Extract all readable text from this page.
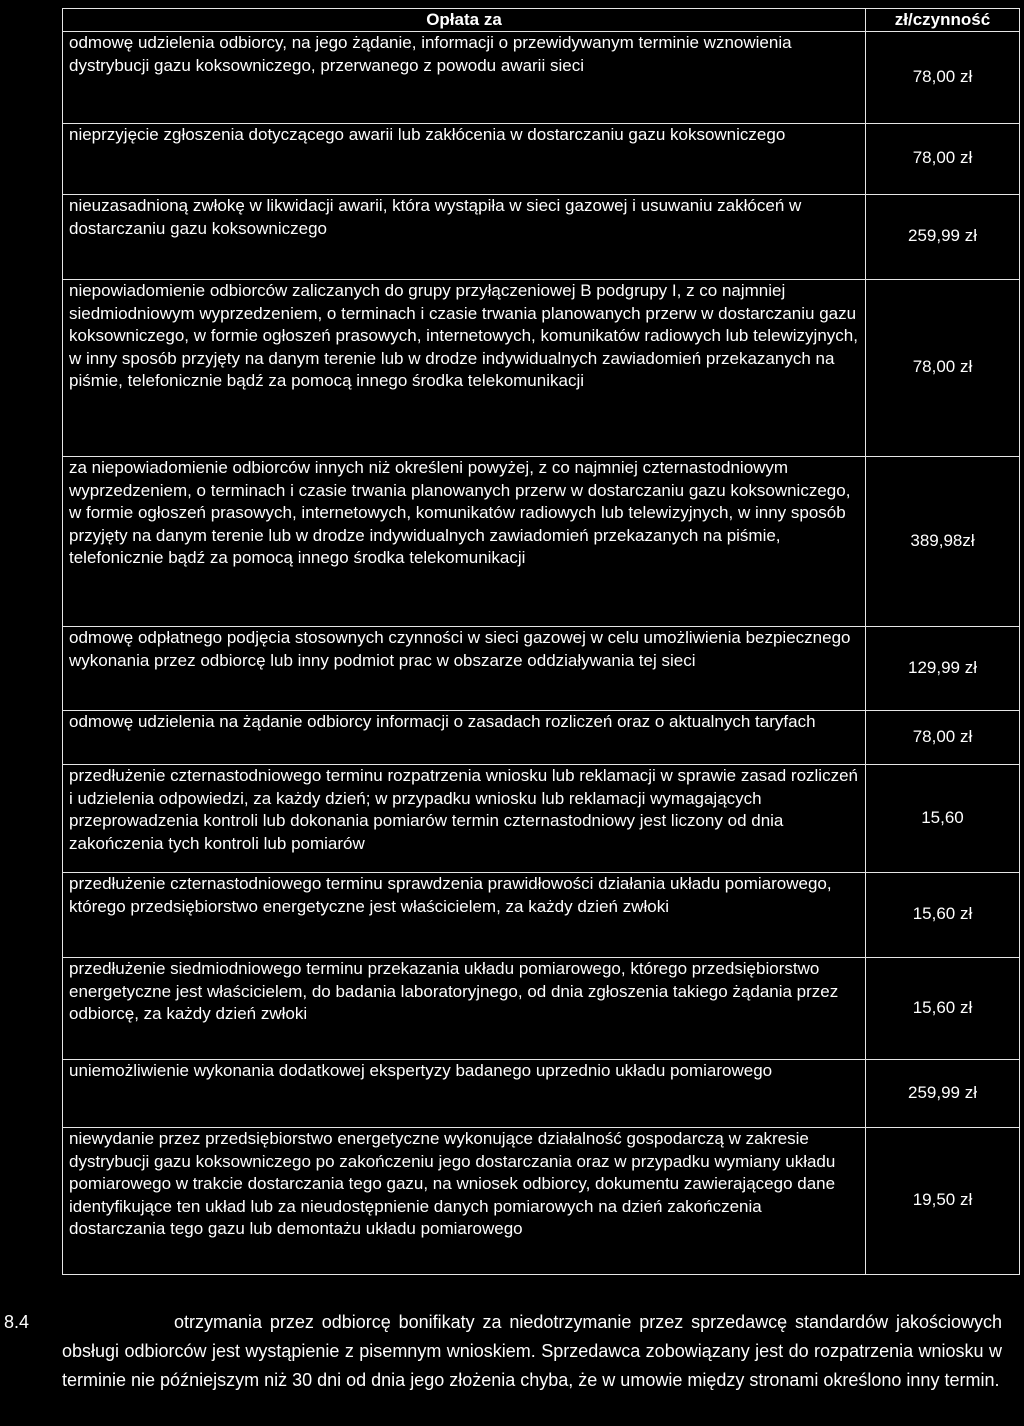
Opłata za	zł/czynność
odmowę udzielenia odbiorcy, na jego żądanie, informacji o przewidywanym terminie wznowienia dystrybucji gazu koksowniczego, przerwanego z powodu awarii sieci	78,00 zł
nieprzyjęcie zgłoszenia dotyczącego awarii lub zakłócenia w dostarczaniu gazu koksowniczego	78,00 zł
nieuzasadnioną zwłokę w likwidacji awarii, która wystąpiła w sieci gazowej i usuwaniu zakłóceń w dostarczaniu gazu koksowniczego	259,99 zł
niepowiadomienie odbiorców zaliczanych do grupy przyłączeniowej B podgrupy I, z co najmniej siedmiodniowym wyprzedzeniem, o terminach i czasie trwania planowanych przerw w dostarczaniu gazu koksowniczego, w formie ogłoszeń prasowych, internetowych, komunikatów radiowych lub telewizyjnych, w inny sposób przyjęty na danym terenie lub w drodze indywidualnych zawiadomień przekazanych na piśmie, telefonicznie bądź za pomocą innego środka telekomunikacji	78,00 zł
za niepowiadomienie odbiorców innych niż określeni powyżej, z co najmniej czternastodniowym wyprzedzeniem, o terminach i czasie trwania planowanych przerw w dostarczaniu gazu koksowniczego, w formie ogłoszeń prasowych, internetowych, komunikatów radiowych lub telewizyjnych, w inny sposób przyjęty na danym terenie lub w drodze indywidualnych zawiadomień przekazanych na piśmie, telefonicznie bądź za pomocą innego środka telekomunikacji	389,98zł
odmowę odpłatnego podjęcia stosownych czynności w sieci gazowej w celu umożliwienia bezpiecznego wykonania przez odbiorcę lub inny podmiot prac w obszarze oddziaływania tej sieci	129,99 zł
odmowę udzielenia na żądanie odbiorcy informacji o zasadach rozliczeń oraz o aktualnych taryfach	78,00 zł
przedłużenie czternastodniowego terminu rozpatrzenia wniosku lub reklamacji w sprawie zasad rozliczeń i udzielenia odpowiedzi, za każdy dzień; w przypadku wniosku lub reklamacji wymagających przeprowadzenia kontroli lub dokonania pomiarów termin czternastodniowy jest liczony od dnia zakończenia tych kontroli lub pomiarów	15,60
przedłużenie czternastodniowego terminu sprawdzenia prawidłowości działania układu pomiarowego, którego przedsiębiorstwo energetyczne jest właścicielem, za każdy dzień zwłoki	15,60 zł
przedłużenie siedmiodniowego terminu przekazania układu pomiarowego, którego przedsiębiorstwo energetyczne jest właścicielem, do badania laboratoryjnego, od dnia zgłoszenia takiego żądania przez odbiorcę, za każdy dzień zwłoki	15,60 zł
uniemożliwienie wykonania dodatkowej ekspertyzy badanego uprzednio układu pomiarowego	259,99 zł
niewydanie przez przedsiębiorstwo energetyczne wykonujące działalność gospodarczą w zakresie dystrybucji gazu koksowniczego po zakończeniu jego dostarczania oraz w przypadku wymiany układu pomiarowego w trakcie dostarczania tego gazu, na wniosek odbiorcy, dokumentu zawierającego dane identyfikujące ten układ lub za nieudostępnienie danych pomiarowych na dzień zakończenia dostarczania tego gazu lub demontażu układu pomiarowego	19,50 zł
8.4	otrzymania przez odbiorcę bonifikaty za niedotrzymanie przez sprzedawcę standardów jakościowych obsługi odbiorców jest wystąpienie z pisemnym wnioskiem. Sprzedawca zobowiązany jest do rozpatrzenia wniosku w terminie nie późniejszym niż 30 dni od dnia jego złożenia chyba, że w umowie między stronami określono inny termin.
